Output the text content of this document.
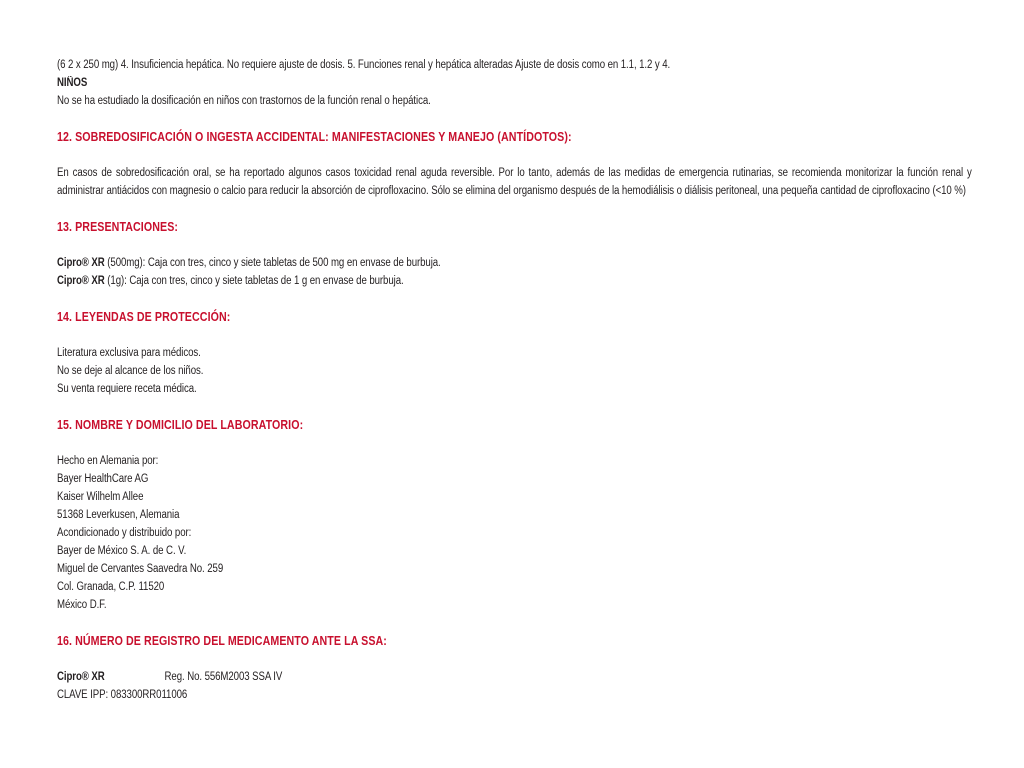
(6 2 x 250 mg) 4. Insuficiencia hepática. No requiere ajuste de dosis. 5. Funciones renal y hepática alteradas Ajuste de dosis como en 1.1, 1.2 y 4.
NIÑOS
No se ha estudiado la dosificación en niños con trastornos de la función renal o hepática.
12. SOBREDOSIFICACIÓN O INGESTA ACCIDENTAL: MANIFESTACIONES Y MANEJO (ANTÍDOTOS):
En casos de sobredosificación oral, se ha reportado algunos casos toxicidad renal aguda reversible. Por lo tanto, además de las medidas de emergencia rutinarias, se recomienda monitorizar la función renal y administrar antiácidos con magnesio o calcio para reducir la absorción de ciprofloxacino. Sólo se elimina del organismo después de la hemodiálisis o diálisis peritoneal, una pequeña cantidad de ciprofloxacino (<10 %)
13. PRESENTACIONES:
Cipro® XR (500mg): Caja con tres, cinco y siete tabletas de 500 mg en envase de burbuja.
Cipro® XR (1g): Caja con tres, cinco y siete tabletas de 1 g en envase de burbuja.
14. LEYENDAS DE PROTECCIÓN:
Literatura exclusiva para médicos.
No se deje al alcance de los niños.
Su venta requiere receta médica.
15. NOMBRE Y DOMICILIO DEL LABORATORIO:
Hecho en Alemania por:
Bayer HealthCare AG
Kaiser Wilhelm Allee
51368 Leverkusen, Alemania
Acondicionado y distribuido por:
Bayer de México S. A. de C. V.
Miguel de Cervantes Saavedra No. 259
Col. Granada, C.P. 11520
México D.F.
16. NÚMERO DE REGISTRO DEL MEDICAMENTO ANTE LA SSA:
Cipro® XR	Reg. No. 556M2003 SSA IV
CLAVE IPP: 083300RR011006
